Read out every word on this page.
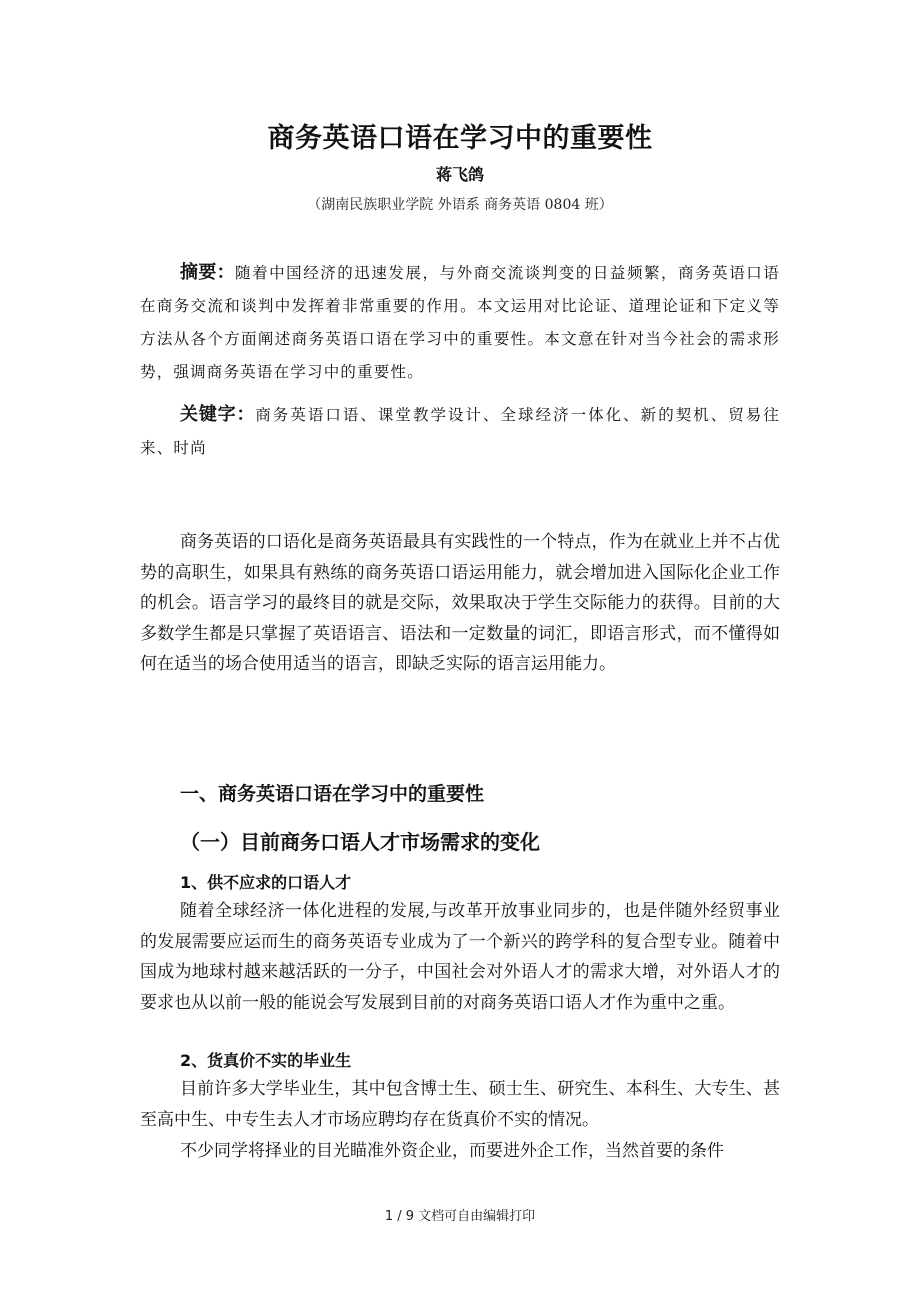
商务英语口语在学习中的重要性
蒋飞鸽
（湖南民族职业学院 外语系 商务英语 0804 班）
摘要：随着中国经济的迅速发展，与外商交流谈判变的日益频繁，商务英语口语在商务交流和谈判中发挥着非常重要的作用。本文运用对比论证、道理论证和下定义等方法从各个方面阐述商务英语口语在学习中的重要性。本文意在针对当今社会的需求形势，强调商务英语在学习中的重要性。
关键字：商务英语口语、课堂教学设计、全球经济一体化、新的契机、贸易往来、时尚

商务英语的口语化是商务英语最具有实践性的一个特点，作为在就业上并不占优势的高职生，如果具有熟练的商务英语口语运用能力，就会增加进入国际化企业工作的机会。语言学习的最终目的就是交际，效果取决于学生交际能力的获得。目前的大多数学生都是只掌握了英语语言、语法和一定数量的词汇，即语言形式，而不懂得如何在适当的场合使用适当的语言，即缺乏实际的语言运用能力。

一、商务英语口语在学习中的重要性
（一）目前商务口语人才市场需求的变化
1、供不应求的口语人才

随着全球经济一体化进程的发展,与改革开放事业同步的，也是伴随外经贸事业的发展需要应运而生的商务英语专业成为了一个新兴的跨学科的复合型专业。随着中国成为地球村越来越活跃的一分子，中国社会对外语人才的需求大增，对外语人才的要求也从以前一般的能说会写发展到目前的对商务英语口语人才作为重中之重。

2、货真价不实的毕业生

目前许多大学毕业生，其中包含博士生、硕士生、研究生、本科生、大专生、甚至高中生、中专生去人才市场应聘均存在货真价不实的情况。

不少同学将择业的目光瞄准外资企业，而要进外企工作，当然首要的条件

1 / 9 文档可自由编辑打印
